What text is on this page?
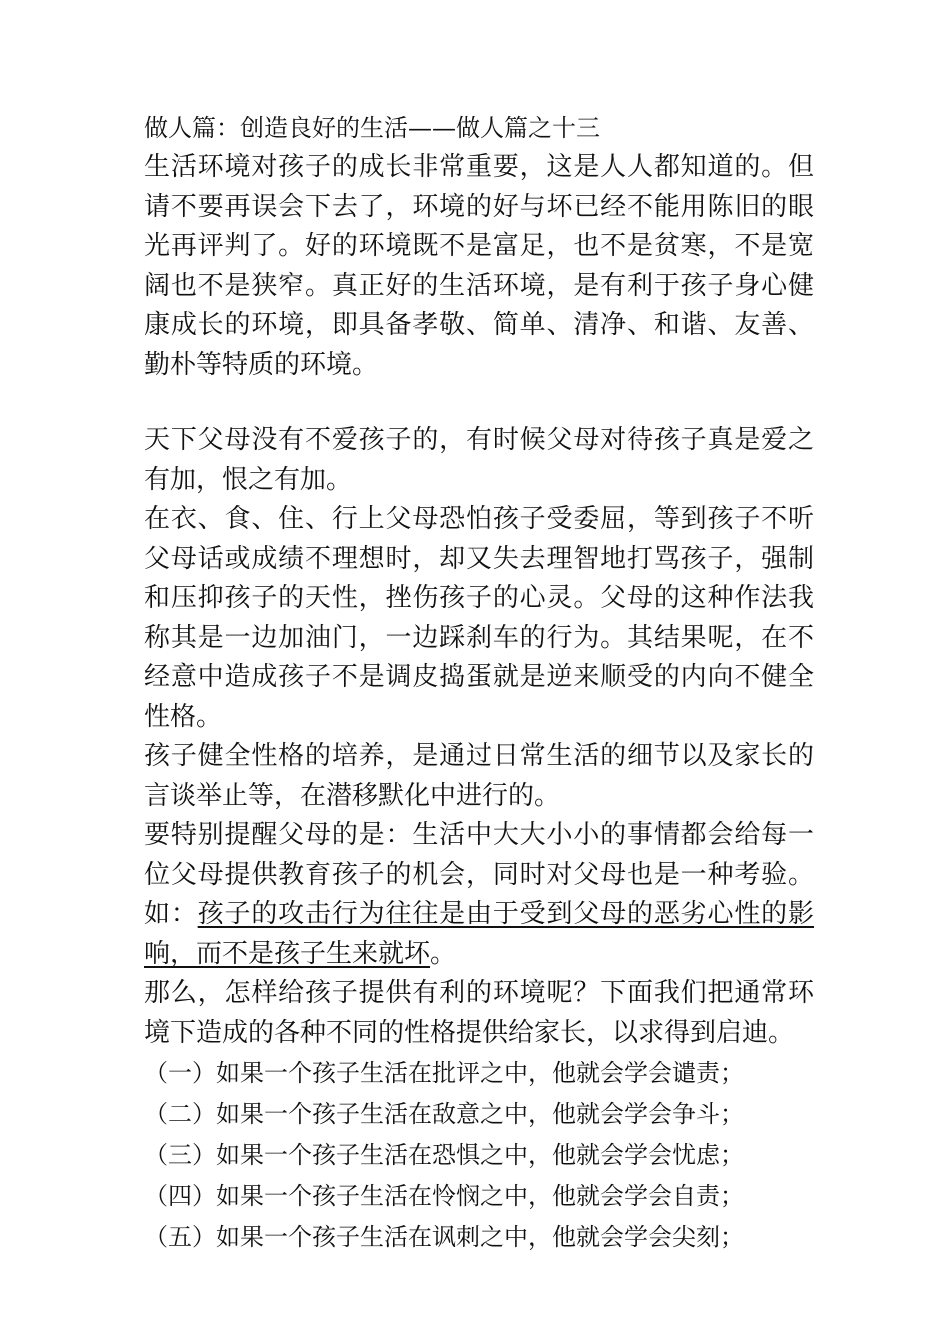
做人篇：创造良好的生活——做人篇之十三

生活环境对孩子的成长非常重要，这是人人都知道的。但请不要再误会下去了，环境的好与坏已经不能用陈旧的眼光再评判了。好的环境既不是富足，也不是贫寒，不是宽阔也不是狭窄。真正好的生活环境，是有利于孩子身心健康成长的环境，即具备孝敬、简单、清净、和谐、友善、勤朴等特质的环境。

天下父母没有不爱孩子的，有时候父母对待孩子真是爱之有加，恨之有加。

在衣、食、住、行上父母恐怕孩子受委屈，等到孩子不听父母话或成绩不理想时，却又失去理智地打骂孩子，强制和压抑孩子的天性，挫伤孩子的心灵。父母的这种作法我称其是一边加油门，一边踩刹车的行为。其结果呢，在不经意中造成孩子不是调皮捣蛋就是逆来顺受的内向不健全性格。

孩子健全性格的培养，是通过日常生活的细节以及家长的言谈举止等，在潜移默化中进行的。

要特别提醒父母的是：生活中大大小小的事情都会给每一位父母提供教育孩子的机会，同时对父母也是一种考验。如：孩子的攻击行为往往是由于受到父母的恶劣心性的影响，而不是孩子生来就坏。

那么，怎样给孩子提供有利的环境呢？下面我们把通常环境下造成的各种不同的性格提供给家长，以求得到启迪。

（一）如果一个孩子生活在批评之中，他就会学会谴责；

（二）如果一个孩子生活在敌意之中，他就会学会争斗；

（三）如果一个孩子生活在恐惧之中，他就会学会忧虑；

（四）如果一个孩子生活在怜悯之中，他就会学会自责；

（五）如果一个孩子生活在讽刺之中，他就会学会尖刻；
